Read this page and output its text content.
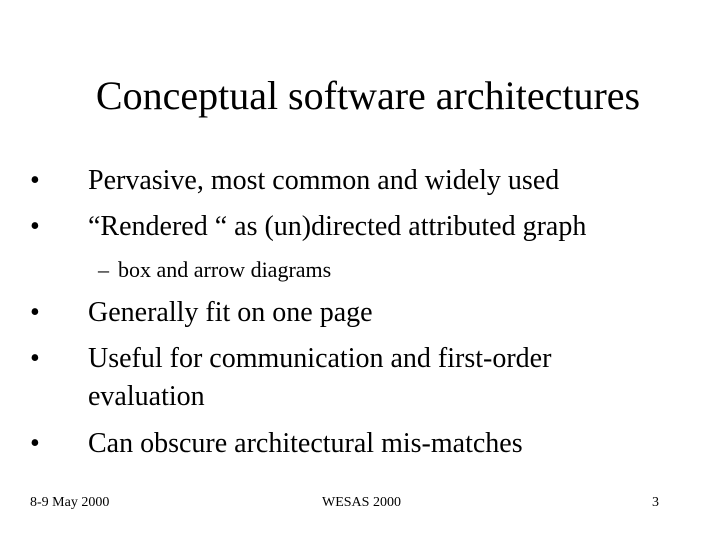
Conceptual software architectures
•	Pervasive, most common and widely used
•	“Rendered “ as (un)directed attributed graph
– box and arrow diagrams
•	Generally fit on one page
•	Useful for communication and first-order
evaluation
•	Can obscure architectural mis-matches
8-9 May 2000	WESAS 2000	3
